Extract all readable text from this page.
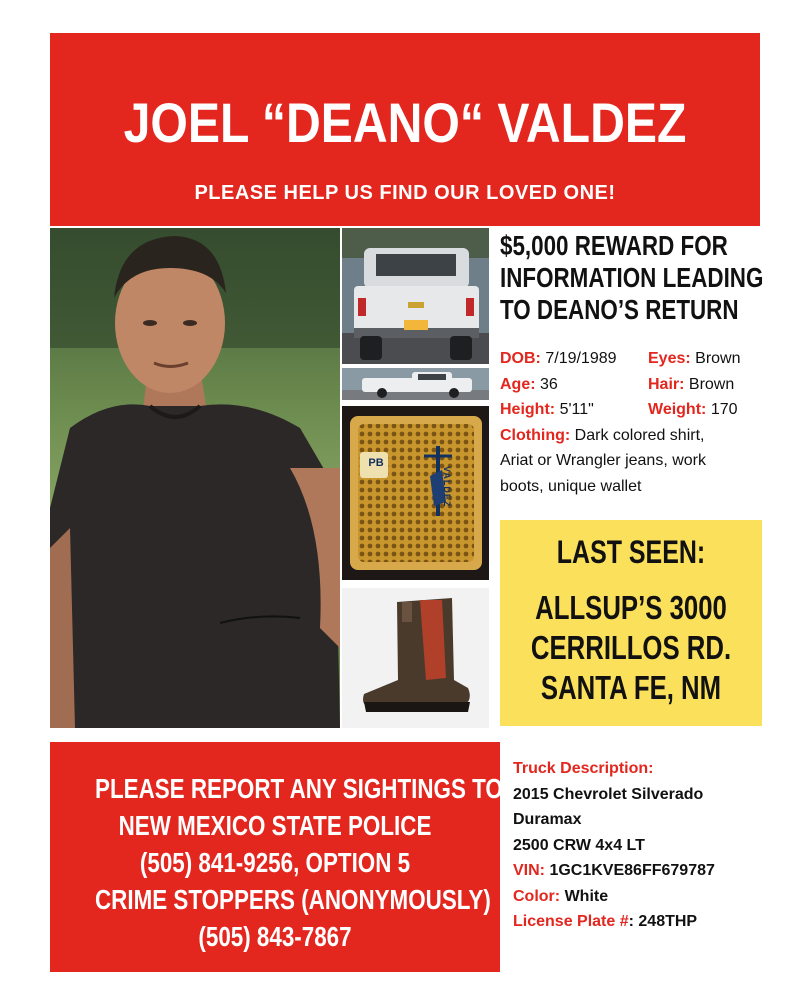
JOEL “DEANO“ VALDEZ
PLEASE HELP US FIND OUR LOVED ONE!
PB
VALDEZ
$5,000 REWARD FOR
INFORMATION LEADING
TO DEANO’S RETURN
DOB: 7/19/1989 Eyes: Brown
Age: 36	Hair: Brown
Height: 5'11"	Weight: 170
Clothing: Dark colored shirt,
Ariat or Wrangler jeans, work
boots, unique wallet
LAST SEEN:
ALLSUP’S 3000
CERRILLOS RD.
SANTA FE, NM
PLEASE REPORT ANY SIGHTINGS TO:
NEW MEXICO STATE POLICE
(505) 841-9256, OPTION 5
CRIME STOPPERS (ANONYMOUSLY)
(505) 843-7867
Truck Description:
2015 Chevrolet Silverado
Duramax
2500 CRW 4x4 LT
VIN: 1GC1KVE86FF679787
Color: White
License Plate #: 248THP
